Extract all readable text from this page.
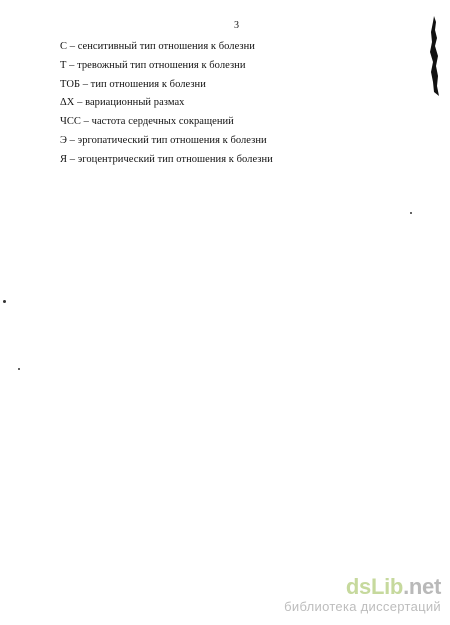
3
С – сенситивный тип отношения к болезни
Т – тревожный тип отношения к болезни
ТОБ – тип отношения к болезни
ΔХ – вариационный размах
ЧСС – частота сердечных сокращений
Э – эргопатический тип отношения к болезни
Я – эгоцентрический тип отношения к болезни
dsLib.net
библиотека диссертаций
